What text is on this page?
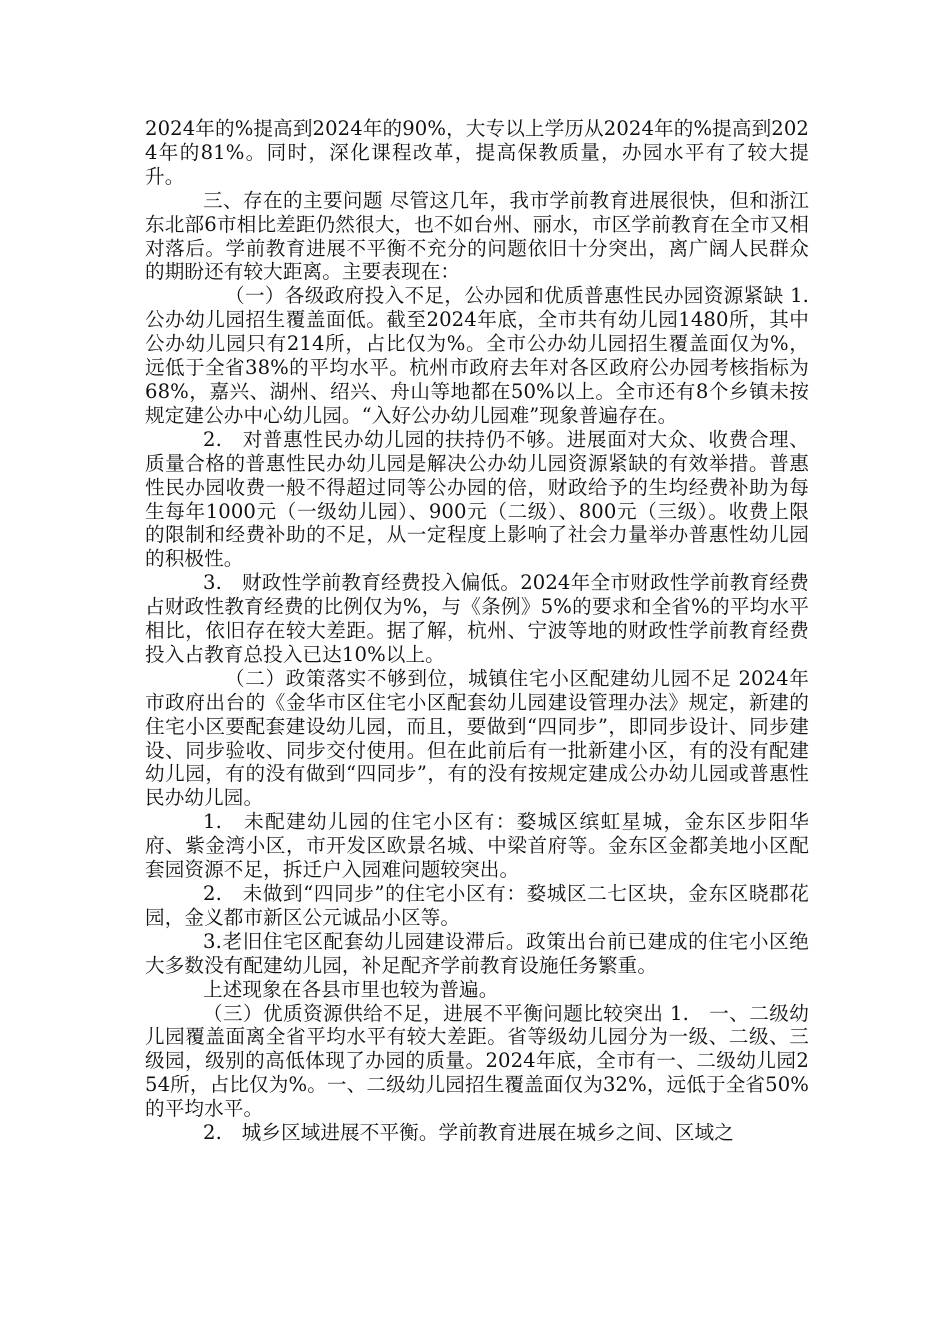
2024年的%提高到2024年的90%，大专以上学历从2024年的%提高到2024年的81%。同时，深化课程改革，提高保教质量，办园水平有了较大提升。

三、存在的主要问题 尽管这几年，我市学前教育进展很快，但和浙江东北部6市相比差距仍然很大，也不如台州、丽水，市区学前教育在全市又相对落后。学前教育进展不平衡不充分的问题依旧十分突出，离广阔人民群众的期盼还有较大距离。主要表现在：

（一）各级政府投入不足，公办园和优质普惠性民办园资源紧缺 1.　公办幼儿园招生覆盖面低。截至2024年底，全市共有幼儿园1480所，其中公办幼儿园只有214所，占比仅为%。全市公办幼儿园招生覆盖面仅为%，远低于全省38%的平均水平。杭州市政府去年对各区政府公办园考核指标为68%，嘉兴、湖州、绍兴、舟山等地都在50%以上。全市还有8个乡镇未按规定建公办中心幼儿园。“入好公办幼儿园难”现象普遍存在。

2.　对普惠性民办幼儿园的扶持仍不够。进展面对大众、收费合理、质量合格的普惠性民办幼儿园是解决公办幼儿园资源紧缺的有效举措。普惠性民办园收费一般不得超过同等公办园的倍，财政给予的生均经费补助为每生每年1000元（一级幼儿园）、900元（二级）、800元（三级）。收费上限的限制和经费补助的不足，从一定程度上影响了社会力量举办普惠性幼儿园的积极性。

3.　财政性学前教育经费投入偏低。2024年全市财政性学前教育经费占财政性教育经费的比例仅为%，与《条例》5%的要求和全省%的平均水平相比，依旧存在较大差距。据了解，杭州、宁波等地的财政性学前教育经费投入占教育总投入已达10%以上。

（二）政策落实不够到位，城镇住宅小区配建幼儿园不足 2024年市政府出台的《金华市区住宅小区配套幼儿园建设管理办法》规定，新建的住宅小区要配套建设幼儿园，而且，要做到“四同步”，即同步设计、同步建设、同步验收、同步交付使用。但在此前后有一批新建小区，有的没有配建幼儿园，有的没有做到“四同步”，有的没有按规定建成公办幼儿园或普惠性民办幼儿园。

1.　未配建幼儿园的住宅小区有：婺城区缤虹星城，金东区步阳华府、紫金湾小区，市开发区欧景名城、中梁首府等。金东区金都美地小区配套园资源不足，拆迁户入园难问题较突出。

2.　未做到“四同步”的住宅小区有：婺城区二七区块，金东区晓郡花园，金义都市新区公元诚品小区等。

3.老旧住宅区配套幼儿园建设滞后。政策出台前已建成的住宅小区绝大多数没有配建幼儿园，补足配齐学前教育设施任务繁重。

上述现象在各县市里也较为普遍。

（三）优质资源供给不足，进展不平衡问题比较突出 1.　一、二级幼儿园覆盖面离全省平均水平有较大差距。省等级幼儿园分为一级、二级、三级园，级别的高低体现了办园的质量。2024年底，全市有一、二级幼儿园254所，占比仅为%。一、二级幼儿园招生覆盖面仅为32%，远低于全省50%的平均水平。

2.　城乡区域进展不平衡。学前教育进展在城乡之间、区域之
